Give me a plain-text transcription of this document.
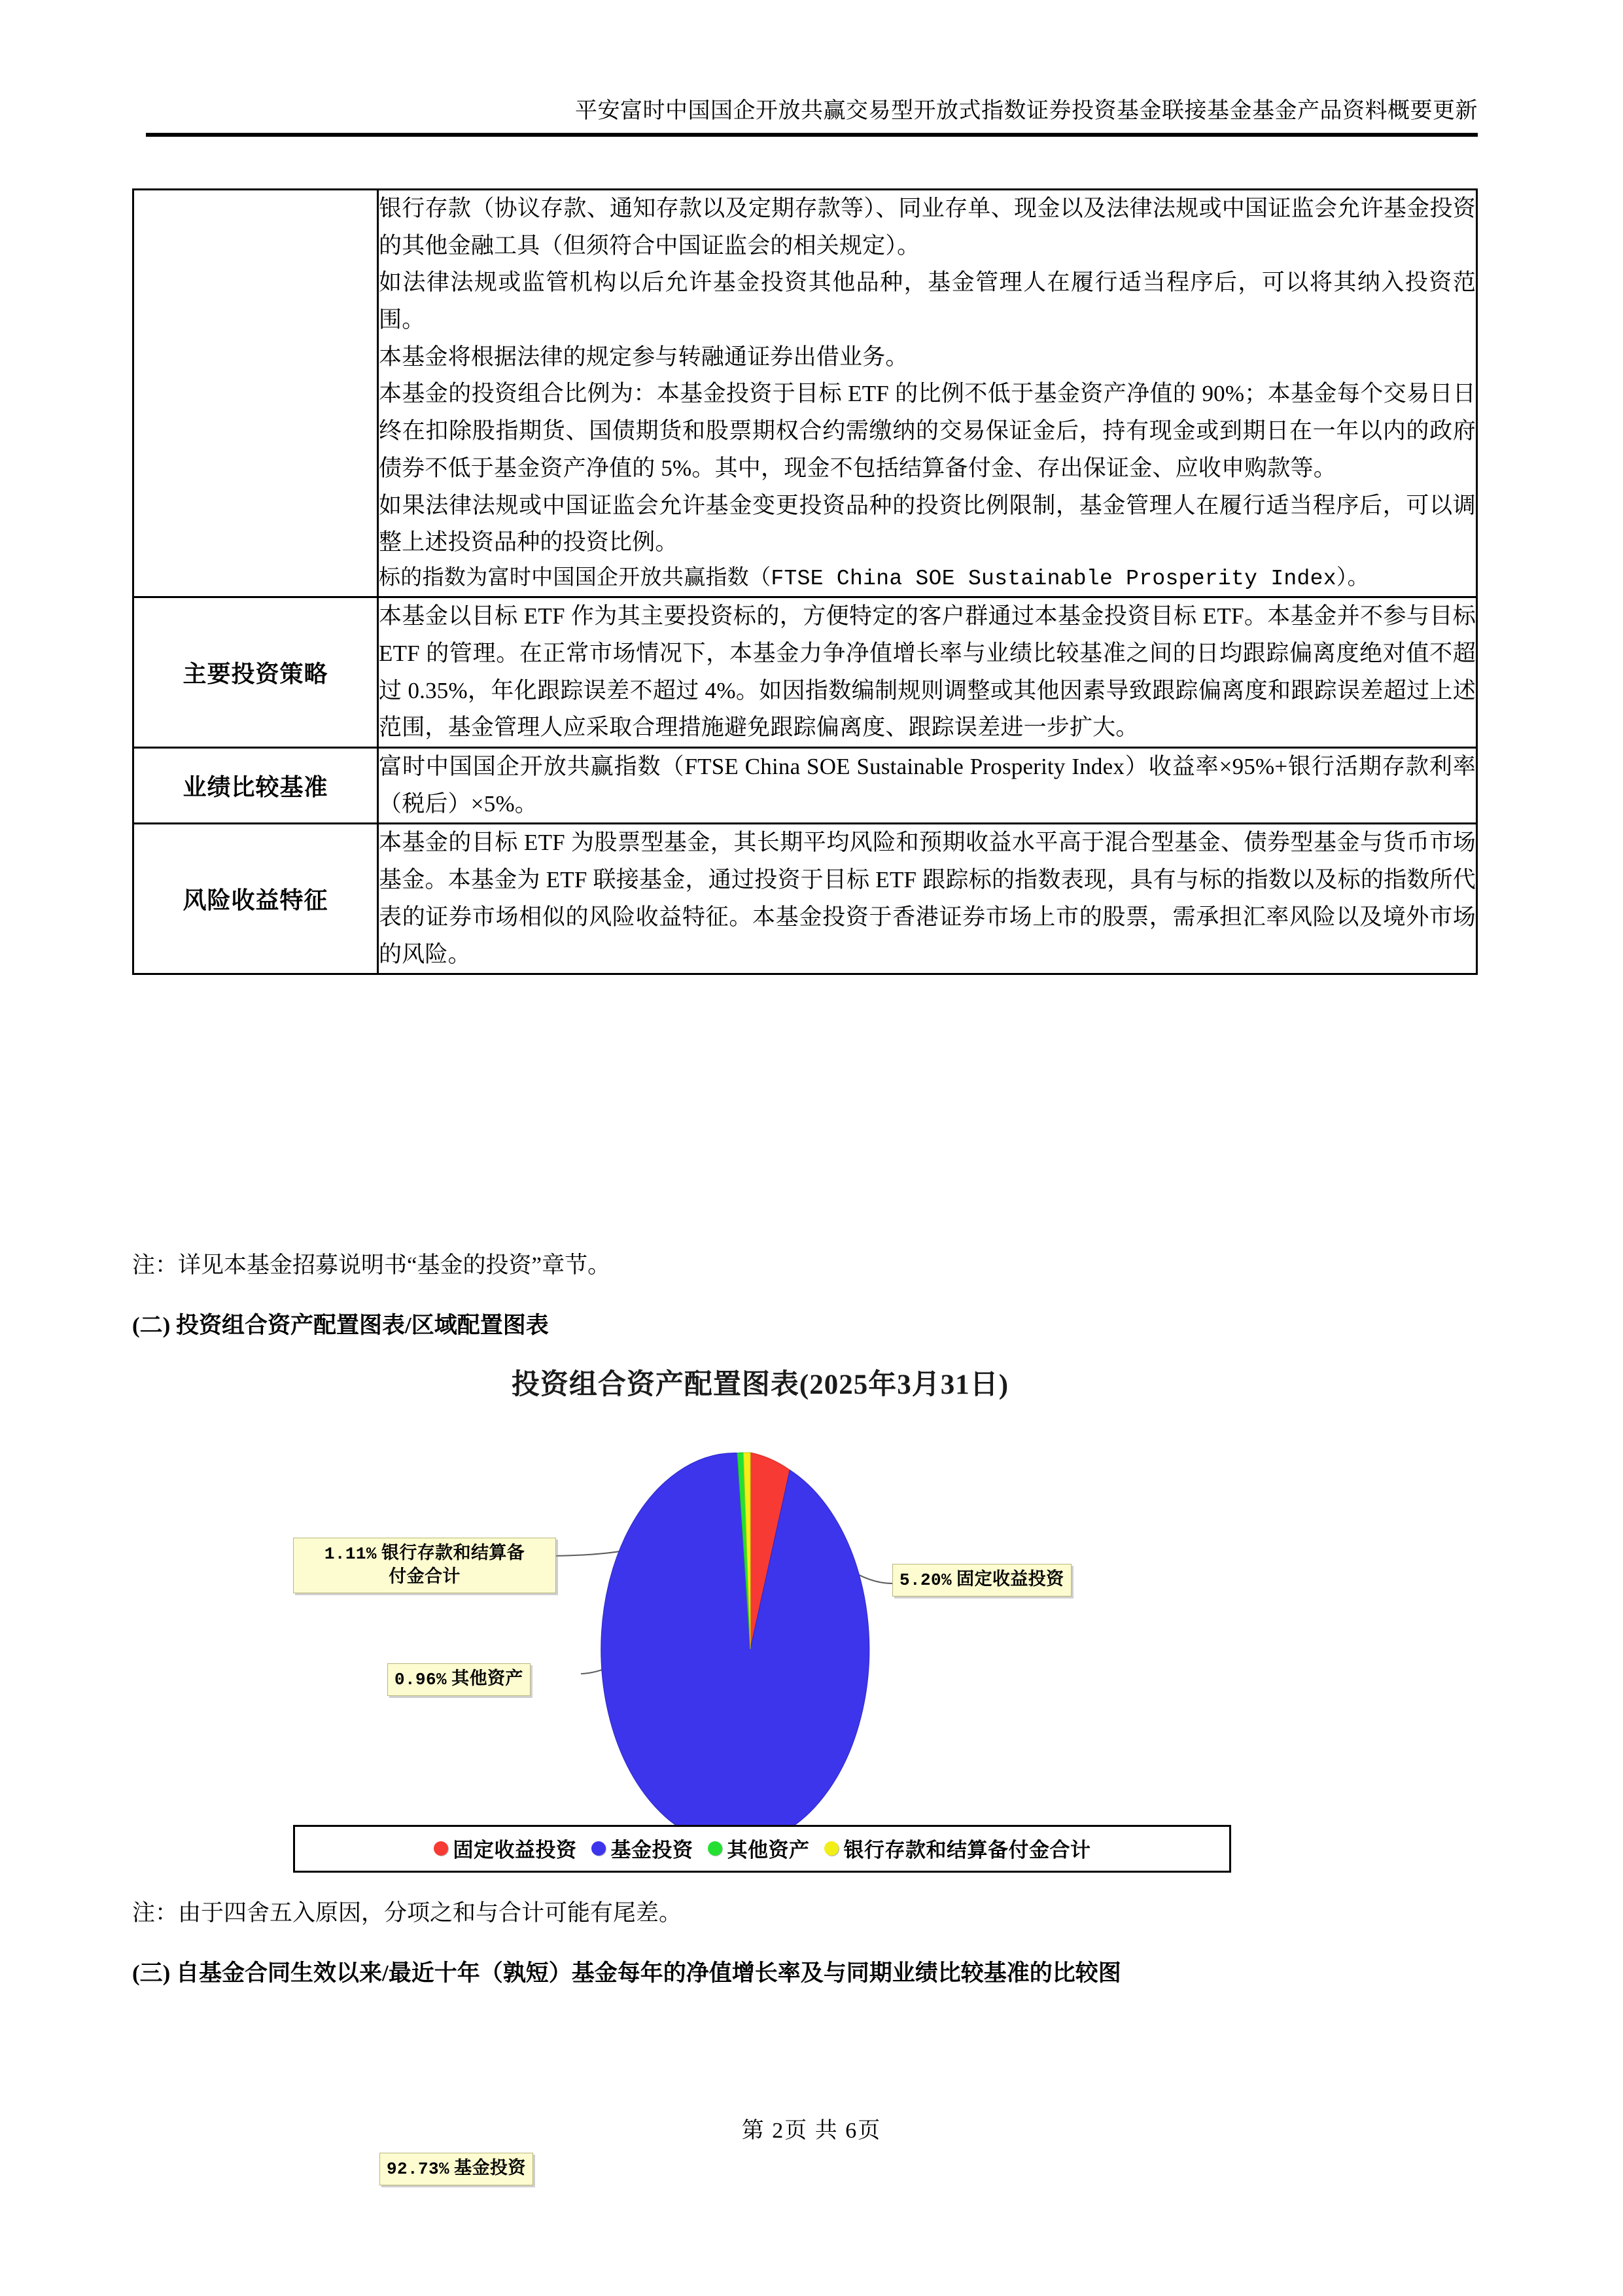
平安富时中国国企开放共赢交易型开放式指数证券投资基金联接基金基金产品资料概要更新

银行存款（协议存款、通知存款以及定期存款等）、同业存单、现金以及法律法规或中国证监会允许基金投资的其他金融工具（但须符合中国证监会的相关规定）。

如法律法规或监管机构以后允许基金投资其他品种，基金管理人在履行适当程序后，可以将其纳入投资范围。

本基金将根据法律的规定参与转融通证券出借业务。

本基金的投资组合比例为：本基金投资于目标 ETF 的比例不低于基金资产净值的 90%；本基金每个交易日日终在扣除股指期货、国债期货和股票期权合约需缴纳的交易保证金后，持有现金或到期日在一年以内的政府债券不低于基金资产净值的 5%。其中，现金不包括结算备付金、存出保证金、应收申购款等。

如果法律法规或中国证监会允许基金变更投资品种的投资比例限制，基金管理人在履行适当程序后，可以调整上述投资品种的投资比例。

标的指数为富时中国国企开放共赢指数（FTSE China SOE Sustainable Prosperity Index）。

主要投资策略	本基金以目标 ETF 作为其主要投资标的，方便特定的客户群通过本基金投资目标 ETF。本基金并不参与目标 ETF 的管理。在正常市场情况下，本基金力争净值增长率与业绩比较基准之间的日均跟踪偏离度绝对值不超过 0.35%，年化跟踪误差不超过 4%。如因指数编制规则调整或其他因素导致跟踪偏离度和跟踪误差超过上述范围，基金管理人应采取合理措施避免跟踪偏离度、跟踪误差进一步扩大。

业绩比较基准	富时中国国企开放共赢指数（FTSE China SOE Sustainable Prosperity Index）收益率×95%+银行活期存款利率（税后）×5%。

风险收益特征	本基金的目标 ETF 为股票型基金，其长期平均风险和预期收益水平高于混合型基金、债券型基金与货币市场基金。本基金为 ETF 联接基金，通过投资于目标 ETF 跟踪标的指数表现，具有与标的指数以及标的指数所代表的证券市场相似的风险收益特征。本基金投资于香港证券市场上市的股票，需承担汇率风险以及境外市场的风险。

注：详见本基金招募说明书“基金的投资”章节。
(二) 投资组合资产配置图表/区域配置图表
投资组合资产配置图表(2025年3月31日)
1.11% 银行存款和结算备
付金合计
0.96% 其他资产
5.20% 固定收益投资
92.73% 基金投资
固定收益投资 基金投资 其他资产 银行存款和结算备付金合计
注：由于四舍五入原因，分项之和与合计可能有尾差。
(三) 自基金合同生效以来/最近十年（孰短）基金每年的净值增长率及与同期业绩比较基准的比较图
第 2页 共 6页
